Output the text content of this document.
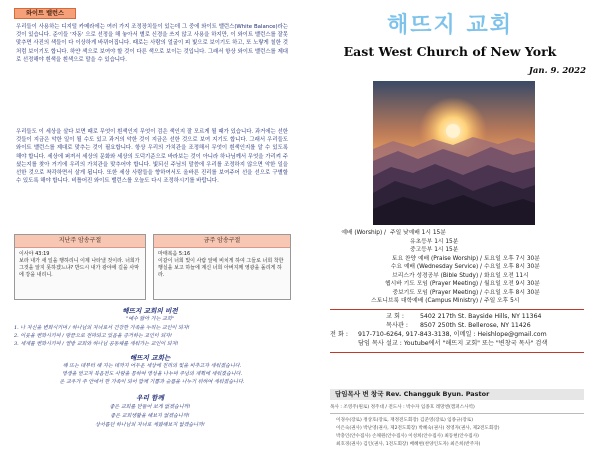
와이트 밸런스

우리들이 사용하는 디지털 카메라에는 여러 가지 조정장치들이 있는데 그 중에 와이트 밸런스(White Balance)라는 것이 있습니다. 준이들 '자동' 으로 선정을 해 놓아서 별로 신경을 쓰지 않고 사용을 하지만, 이 와이트 밸런스를 잘못 맞추면 사진의 색들이 다 이상하게 바뀌어집니다. 때로는 사람의 얼굴이 피 빛으로 보이기도 하고, 또 노랗게 칠한 것처럼 보이기도 합니다. 하얀 색으로 보여야 할 것이 다른 색으로 보이는 것입니다. 그래서 항상 와이트 밸런스를 제대로 선정해야 흰색을 흰색으로 말을 수 있습니다.

우리들도 이 세상을 살다 보면 때로 무엇이 흰색인지 무엇이 검은 색인지 잘 모르게 될 때가 있습니다. 과거에는 선한 것들이 지금은 악한 일이 될 수도 있고 과거의 악한 것이 지금은 선한 것으로 보여 지기도 합니다. 그래서 우리들도 와이트 밸런스를 제대로 맞추는 것이 필요합니다. 항상 우리의 가치관을 조정해서 무엇이 흰색인지를 알 수 있도록 해야 합니다. 세상에 퍼져서 세상의 문화와 세상의 도덕기준으로 바라보는 것이 아니라 하나님께서 무엇을 가리켜 주셨는지를 찾아 거기에 우리의 가치관을 맞추어야 합니다. 빛되신 주님의 말씀에 우리를 조정하지 않으면 악한 일을 선한 것으로 착각하면서 살게 됩니다. 또한 세상 사람들을 향하여서도 올바른 진리를 보여주어 선을 선으로 구별할 수 있도록 해야 합니다. 비틀어진 와이트 밸런스를 오늘도 다시 조정하시기를 바랍니다.

지난주 암송구절
이사야 43:19
보라 내가 새 일을 행하리니 이제 나타낼 것이라. 너희가 그것을 알지 못하겠느냐? 반드시 내가 광야에 길을 사막에 강을 내리니.
금주 암송구절
마태복음 5:16
이같이 너희 빛이 사람 앞에 비치게 하여 그들로 너희 착한 행실을 보고 하늘에 계신 너희 아버지께 영광을 돌리게 하라.
해뜨지 교회의 비전
"예수 닮아 가는 교회"
1. 나 자신을 변화시키며 / 하나님의 자녀로서 건강한 가족을 누리는 교인이 되자!
2. 이웃을 변화시키며 / 땅끝으로 전파되고 있음을 증거하는 교인이 되자!
3. 세계를 변화시키며 / 열방 교회와 하나님 공동체를 세워가는 교인이 되자!
해뜨지 교회는
해 뜨는 데부터 해 지는 데까지 어두운 세상에 진리의 빛을 비추고자 세워졌습니다.
영생을 얻고자 복음전도 사랑을 통하여 영성을 나누며 주님의 계획에 세워졌습니다.
온 교우가 주 안에서 한 가족이 되어 함께 기쁨과 슬픔을 나누기 위하여 세워졌습니다.
우리 함께
좋은 교회를 만들어 보게 없겠습니까!
좋은 교회생활을 해보지 없겠습니까!
상서롭던 하나님의 자녀로 세웠해보지 없겠습니까!
해뜨지 교회
East West Church of New York
Jan. 9. 2022
예배 (Worship) / 주일 낮예배 1시 15분
유초등부 1시 15분
중고등부 1시 15분
토요 찬양 예배 (Praise Worship) / 토요일 오후 7시 30분
수요 예배 (Wednesday Service) / 수요일 오후 8시 30분
브리스가 성경공부 (Bible Study) / 화요일 오전 11시
헵시바 기도 모임 (Prayer Meeting) / 월요일 오전 9시 30분
중보기도 모임 (Prayer Meeting) / 수요일 오후 8시 30분
스토니브룩 대학예배 (Campus Ministry) / 주일 오후 5시
교 회 :	5402 217th St. Bayside Hills, NY 11364
목사관 : 8507 250th St. Bellerose, NY 11426
전 화 : 917-710-6264, 917-843-3138, 이메일 : Heishlope@gmail.com
담임 목사 설교 : Youtube에서 "해뜨지 교회" 또는 "변창국 목사" 검색
담임목사 변 창국 Rev. Changguk Byun. Pastor
목사 : 조영주(원로) 정주대 / 전도사 : 박수자 임종호 레망엔(캠퍼스사역)
이경수(장로) 정상호(장로, 재정전도회장) 김준영(장로) 임종규(장로)
이은숙(권사) 박난영(권사, 제2전도회장) 박혜숙(권사) 정영자(권사, 제2전도회장)
박충인(안수집사) 손채원(안수집사) 이성희(안수집사) 최동현(안수집사)
최호경(권사) 김인(권사, 1전도회장) 배혜현(찬양인도자) 최은희(반주자)
